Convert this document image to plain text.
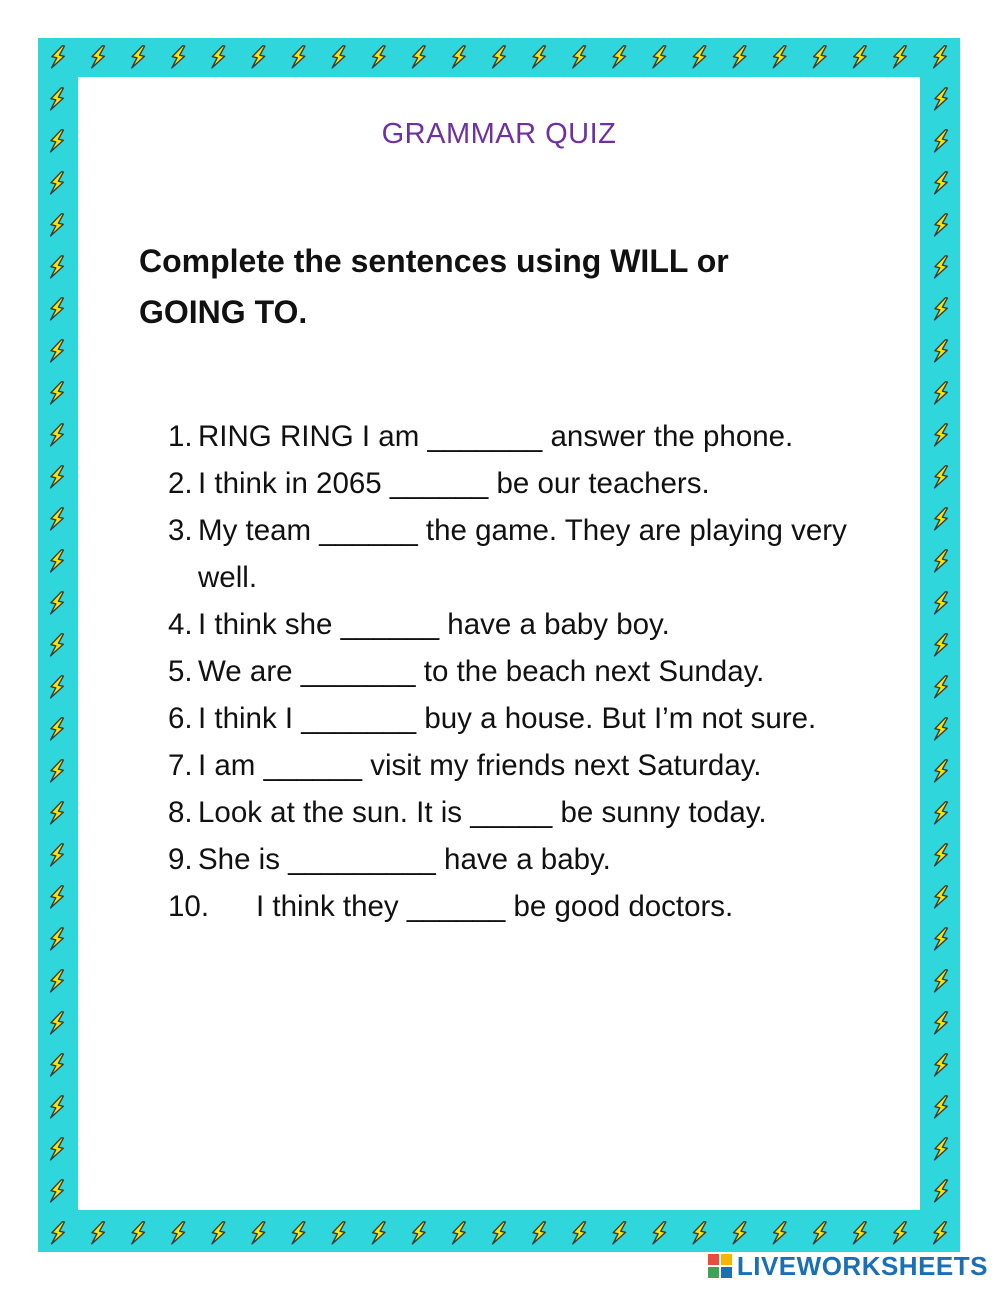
GRAMMAR QUIZ
Complete the sentences using WILL or GOING TO.
1. RING RING I am _______ answer the phone.
2. I think in 2065 ______ be our teachers.
3. My team ______ the game. They are playing very well.
4. I think she ______ have a baby boy.
5. We are _______ to the beach next Sunday.
6. I think I _______ buy a house. But I’m not sure.
7. I am ______ visit my friends next Saturday.
8. Look at the sun. It is _____ be sunny today.
9. She is _________ have a baby.
10.	I think they ______ be good doctors.
LIVEWORKSHEETS
